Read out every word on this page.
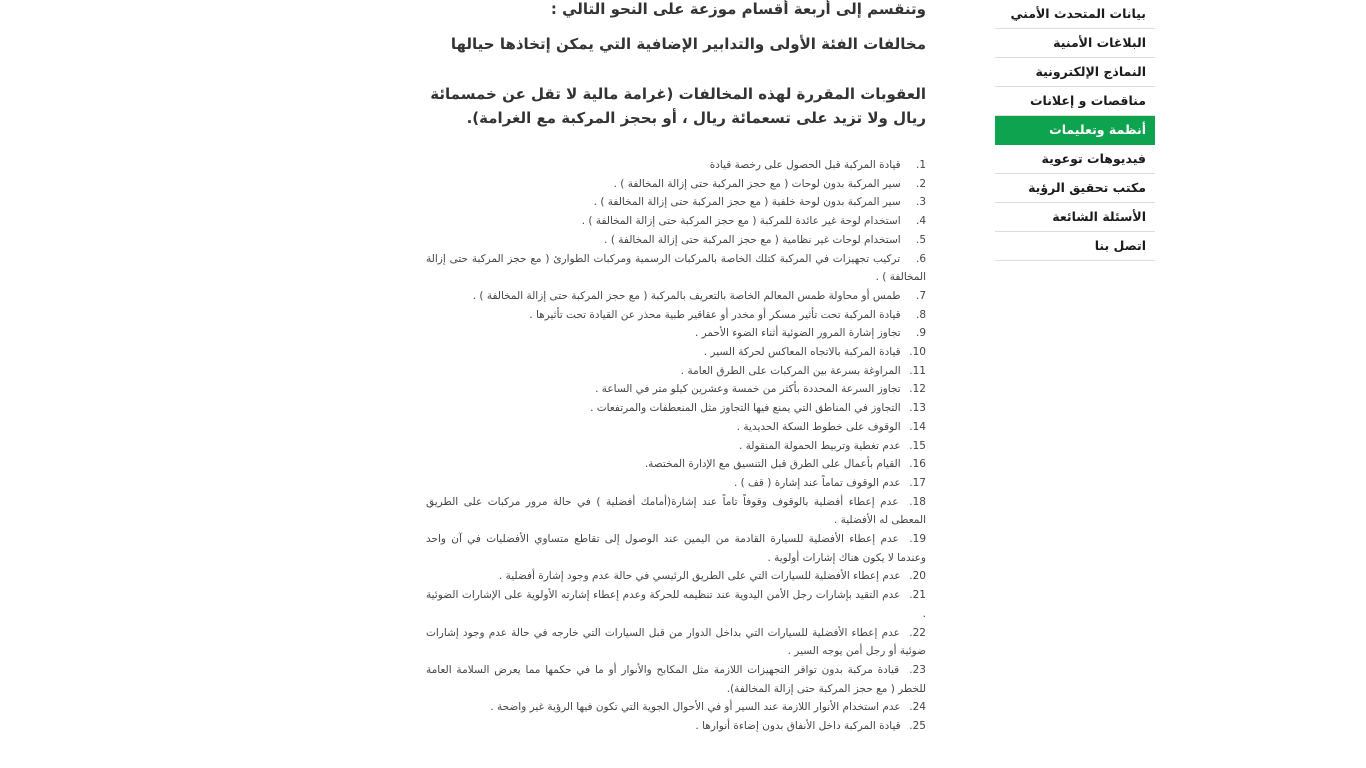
بيانات المتحدث الأمني
البلاغات الأمنية
النماذج الإلكترونية
مناقصات و إعلانات
أنظمة وتعليمات
فيديوهات توعوية
مكتب تحقيق الرؤية
الأسئلة الشائعة
اتصل بنا
وتنقسم إلى أربعة أقسام موزعة على النحو التالي :
مخالفات الفئة الأولى والتدابير الإضافية التي يمكن إتخاذها حيالها
العقوبات المقررة لهذه المخالفات (غرامة مالية لا تقل عن خمسمائة ريال ولا تزيد على تسعمائة ريال ، أو بحجز المركبة مع الغرامة).
1. قيادة المركبة قبل الحصول على رخصة قيادة
2. سير المركبة بدون لوحات ( مع حجز المركبة حتى إزالة المخالفة ) .
3. سير المركبة بدون لوحة خلفية ( مع حجز المركبة حتى إزالة المخالفة ) .
4. استخدام لوحة غير عائدة للمركبة ( مع حجز المركبة حتى إزالة المخالفة ) .
5. استخدام لوحات غير نظامية ( مع حجز المركبة حتى إزالة المخالفة ) .
6. تركيب تجهيزات في المركبة كتلك الخاصة بالمركبات الرسمية ومركبات الطوارئ ( مع حجز المركبة حتى إزالة المخالفة ) .
7. طمس أو محاولة طمس المعالم الخاصة بالتعريف بالمركبة ( مع حجز المركبة حتى إزالة المخالفة ) .
8. قيادة المركبة تحت تأثير مسكر أو مخدر أو عقاقير طبية محذر عن القيادة تحت تأثيرها .
9. تجاوز إشارة المرور الضوئية أثناء الضوء الأحمر .
10. قيادة المركبة بالاتجاه المعاكس لحركة السير .
11. المراوغة بسرعة بين المركبات على الطرق العامة .
12. تجاوز السرعة المحددة بأكثر من خمسة وعشرين كيلو متر في الساعة .
13. التجاوز في المناطق التي يمنع فيها التجاوز مثل المنعطفات والمرتفعات .
14. الوقوف على خطوط السكة الحديدية .
15. عدم تغطية وتربيط الحمولة المنقولة .
16. القيام بأعمال على الطرق قبل التنسيق مع الإدارة المختصة.
17. عدم الوقوف تماماً عند إشارة ( قف ) .
18. عدم إعطاء أفضلية بالوقوف وقوفاً تاماً عند إشارة(أمامك أفضلية ) في حالة مرور مركبات على الطريق المعطى له الأفضلية .
19. عدم إعطاء الأفضلية للسيارة القادمة من اليمين عند الوصول إلى تقاطع متساوي الأفضليات في آن واحد وعندما لا يكون هناك إشارات أولوية .
20. عدم إعطاء الأفضلية للسيارات التي على الطريق الرئيسي في حالة عدم وجود إشارة أفضلية .
21. عدم التقيد بإشارات رجل الأمن اليدوية عند تنظيمه للحركة وعدم إعطاء إشارته الأولوية على الإشارات الضوئية .
22. عدم إعطاء الأفضلية للسيارات التي بداخل الدوار من قبل السيارات التي خارجه في حالة عدم وجود إشارات ضوئية أو رجل أمن يوجه السير .
23. قيادة مركبة بدون توافر التجهيزات اللازمة مثل المكابح والأنوار أو ما في حكمها مما يعرض السلامة العامة للخطر ( مع حجز المركبة حتى إزالة المخالفة).
24. عدم استخدام الأنوار اللازمة عند السير أو في الأحوال الجوية التي تكون فيها الرؤية غير واضحة .
25. قيادة المركبة داخل الأنفاق بدون إضاءة أنوارها .
